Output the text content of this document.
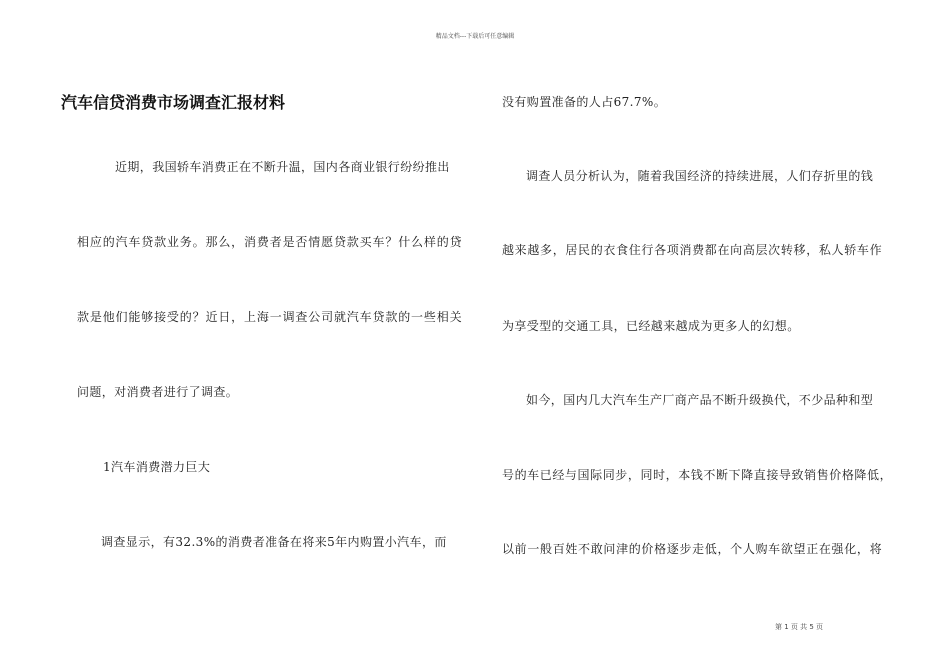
精品文档---下载后可任意编辑
汽车信贷消费市场调查汇报材料
近期，我国轿车消费正在不断升温，国内各商业银行纷纷推出
相应的汽车贷款业务。那么，消费者是否情愿贷款买车？什么样的贷
款是他们能够接受的？近日，上海一调查公司就汽车贷款的一些相关
问题，对消费者进行了调查。
1汽车消费潜力巨大
调查显示，有32.3%的消费者准备在将来5年内购置小汽车，而
没有购置准备的人占67.7%。
调查人员分析认为，随着我国经济的持续进展，人们存折里的钱
越来越多，居民的衣食住行各项消费都在向高层次转移，私人轿车作
为享受型的交通工具，已经越来越成为更多人的幻想。
如今，国内几大汽车生产厂商产品不断升级换代，不少品种和型
号的车已经与国际同步，同时，本钱不断下降直接导致销售价格降低，
以前一般百姓不敢问津的价格逐步走低，个人购车欲望正在强化，将
第 1 页 共 5 页
